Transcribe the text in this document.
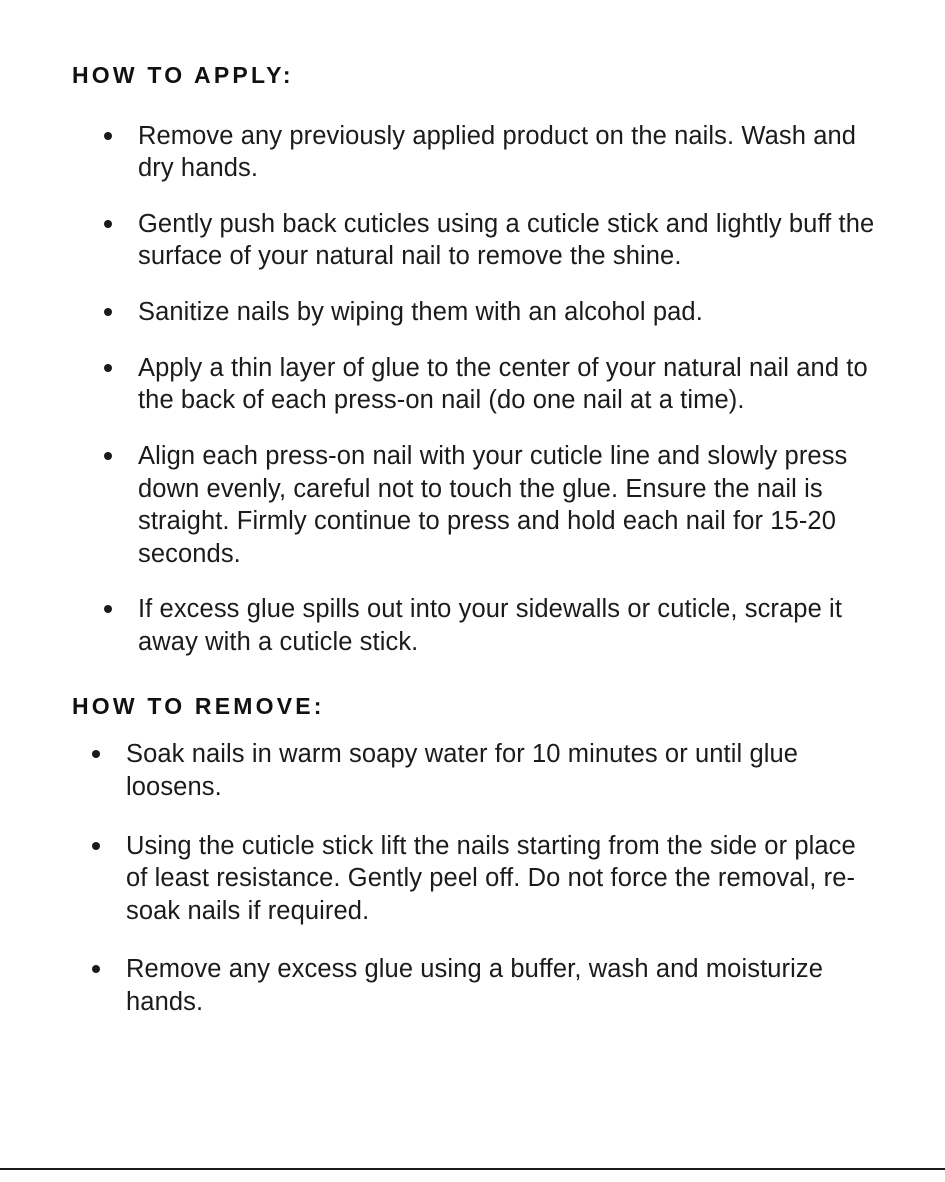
HOW TO APPLY:
Remove any previously applied product on the nails. Wash and dry hands.
Gently push back cuticles using a cuticle stick and lightly buff the surface of your natural nail to remove the shine.
Sanitize nails by wiping them with an alcohol pad.
Apply a thin layer of glue to the center of your natural nail and to the back of each press-on nail (do one nail at a time).
Align each press-on nail with your cuticle line and slowly press down evenly, careful not to touch the glue. Ensure the nail is straight. Firmly continue to press and hold each nail for 15-20 seconds.
If excess glue spills out into your sidewalls or cuticle, scrape it away with a cuticle stick.
HOW TO REMOVE:
Soak nails in warm soapy water for 10 minutes or until glue loosens.
Using the cuticle stick lift the nails starting from the side or place of least resistance. Gently peel off. Do not force the removal, re-soak nails if required.
Remove any excess glue using a buffer, wash and moisturize hands.
